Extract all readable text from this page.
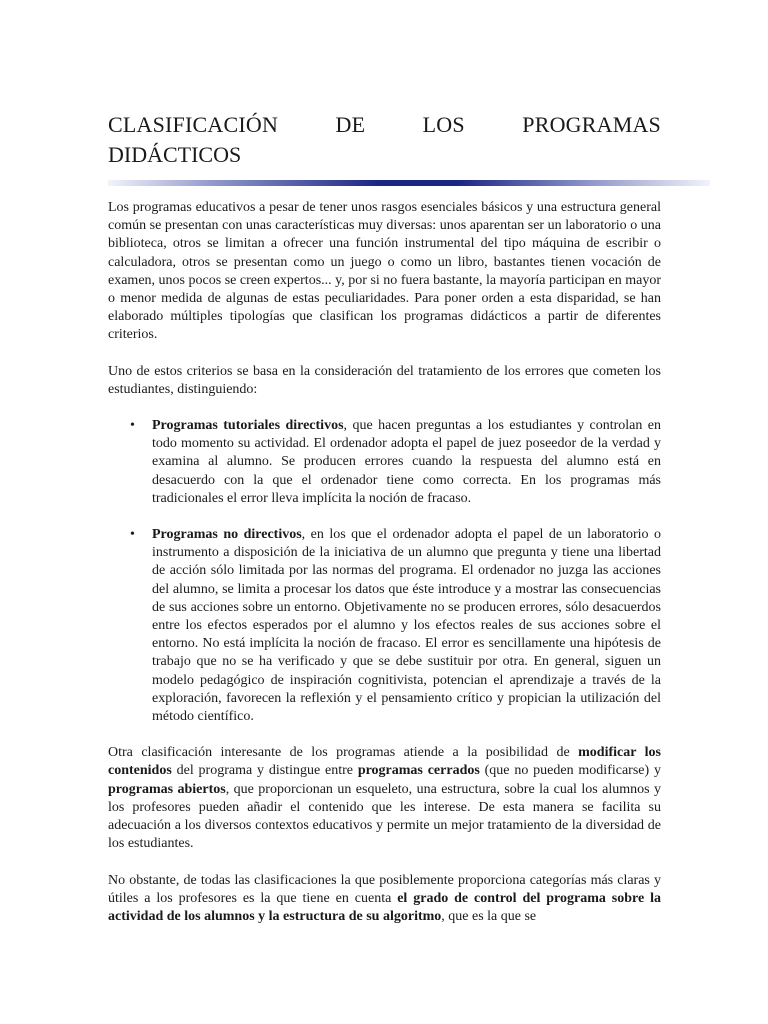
CLASIFICACIÓN DE LOS PROGRAMAS
DIDÁCTICOS

Los programas educativos a pesar de tener unos rasgos esenciales básicos y una estructura general común se presentan con unas características muy diversas: unos aparentan ser un laboratorio o una biblioteca, otros se limitan a ofrecer una función instrumental del tipo máquina de escribir o calculadora, otros se presentan como un juego o como un libro, bastantes tienen vocación de examen, unos pocos se creen expertos... y, por si no fuera bastante, la mayoría participan en mayor o menor medida de algunas de estas peculiaridades. Para poner orden a esta disparidad, se han elaborado múltiples tipologías que clasifican los programas didácticos a partir de diferentes criterios.

Uno de estos criterios se basa en la consideración del tratamiento de los errores que cometen los estudiantes, distinguiendo:

• Programas tutoriales directivos, que hacen preguntas a los estudiantes y controlan en todo momento su actividad. El ordenador adopta el papel de juez poseedor de la verdad y examina al alumno. Se producen errores cuando la respuesta del alumno está en desacuerdo con la que el ordenador tiene como correcta. En los programas más tradicionales el error lleva implícita la noción de fracaso.
• Programas no directivos, en los que el ordenador adopta el papel de un laboratorio o instrumento a disposición de la iniciativa de un alumno que pregunta y tiene una libertad de acción sólo limitada por las normas del programa. El ordenador no juzga las acciones del alumno, se limita a procesar los datos que éste introduce y a mostrar las consecuencias de sus acciones sobre un entorno. Objetivamente no se producen errores, sólo desacuerdos entre los efectos esperados por el alumno y los efectos reales de sus acciones sobre el entorno. No está implícita la noción de fracaso. El error es sencillamente una hipótesis de trabajo que no se ha verificado y que se debe sustituir por otra. En general, siguen un modelo pedagógico de inspiración cognitivista, potencian el aprendizaje a través de la exploración, favorecen la reflexión y el pensamiento crítico y propician la utilización del método científico.

Otra clasificación interesante de los programas atiende a la posibilidad de modificar los contenidos del programa y distingue entre programas cerrados (que no pueden modificarse) y programas abiertos, que proporcionan un esqueleto, una estructura, sobre la cual los alumnos y los profesores pueden añadir el contenido que les interese. De esta manera se facilita su adecuación a los diversos contextos educativos y permite un mejor tratamiento de la diversidad de los estudiantes.

No obstante, de todas las clasificaciones la que posiblemente proporciona categorías más claras y útiles a los profesores es la que tiene en cuenta el grado de control del programa sobre la actividad de los alumnos y la estructura de su algoritmo, que es la que se
